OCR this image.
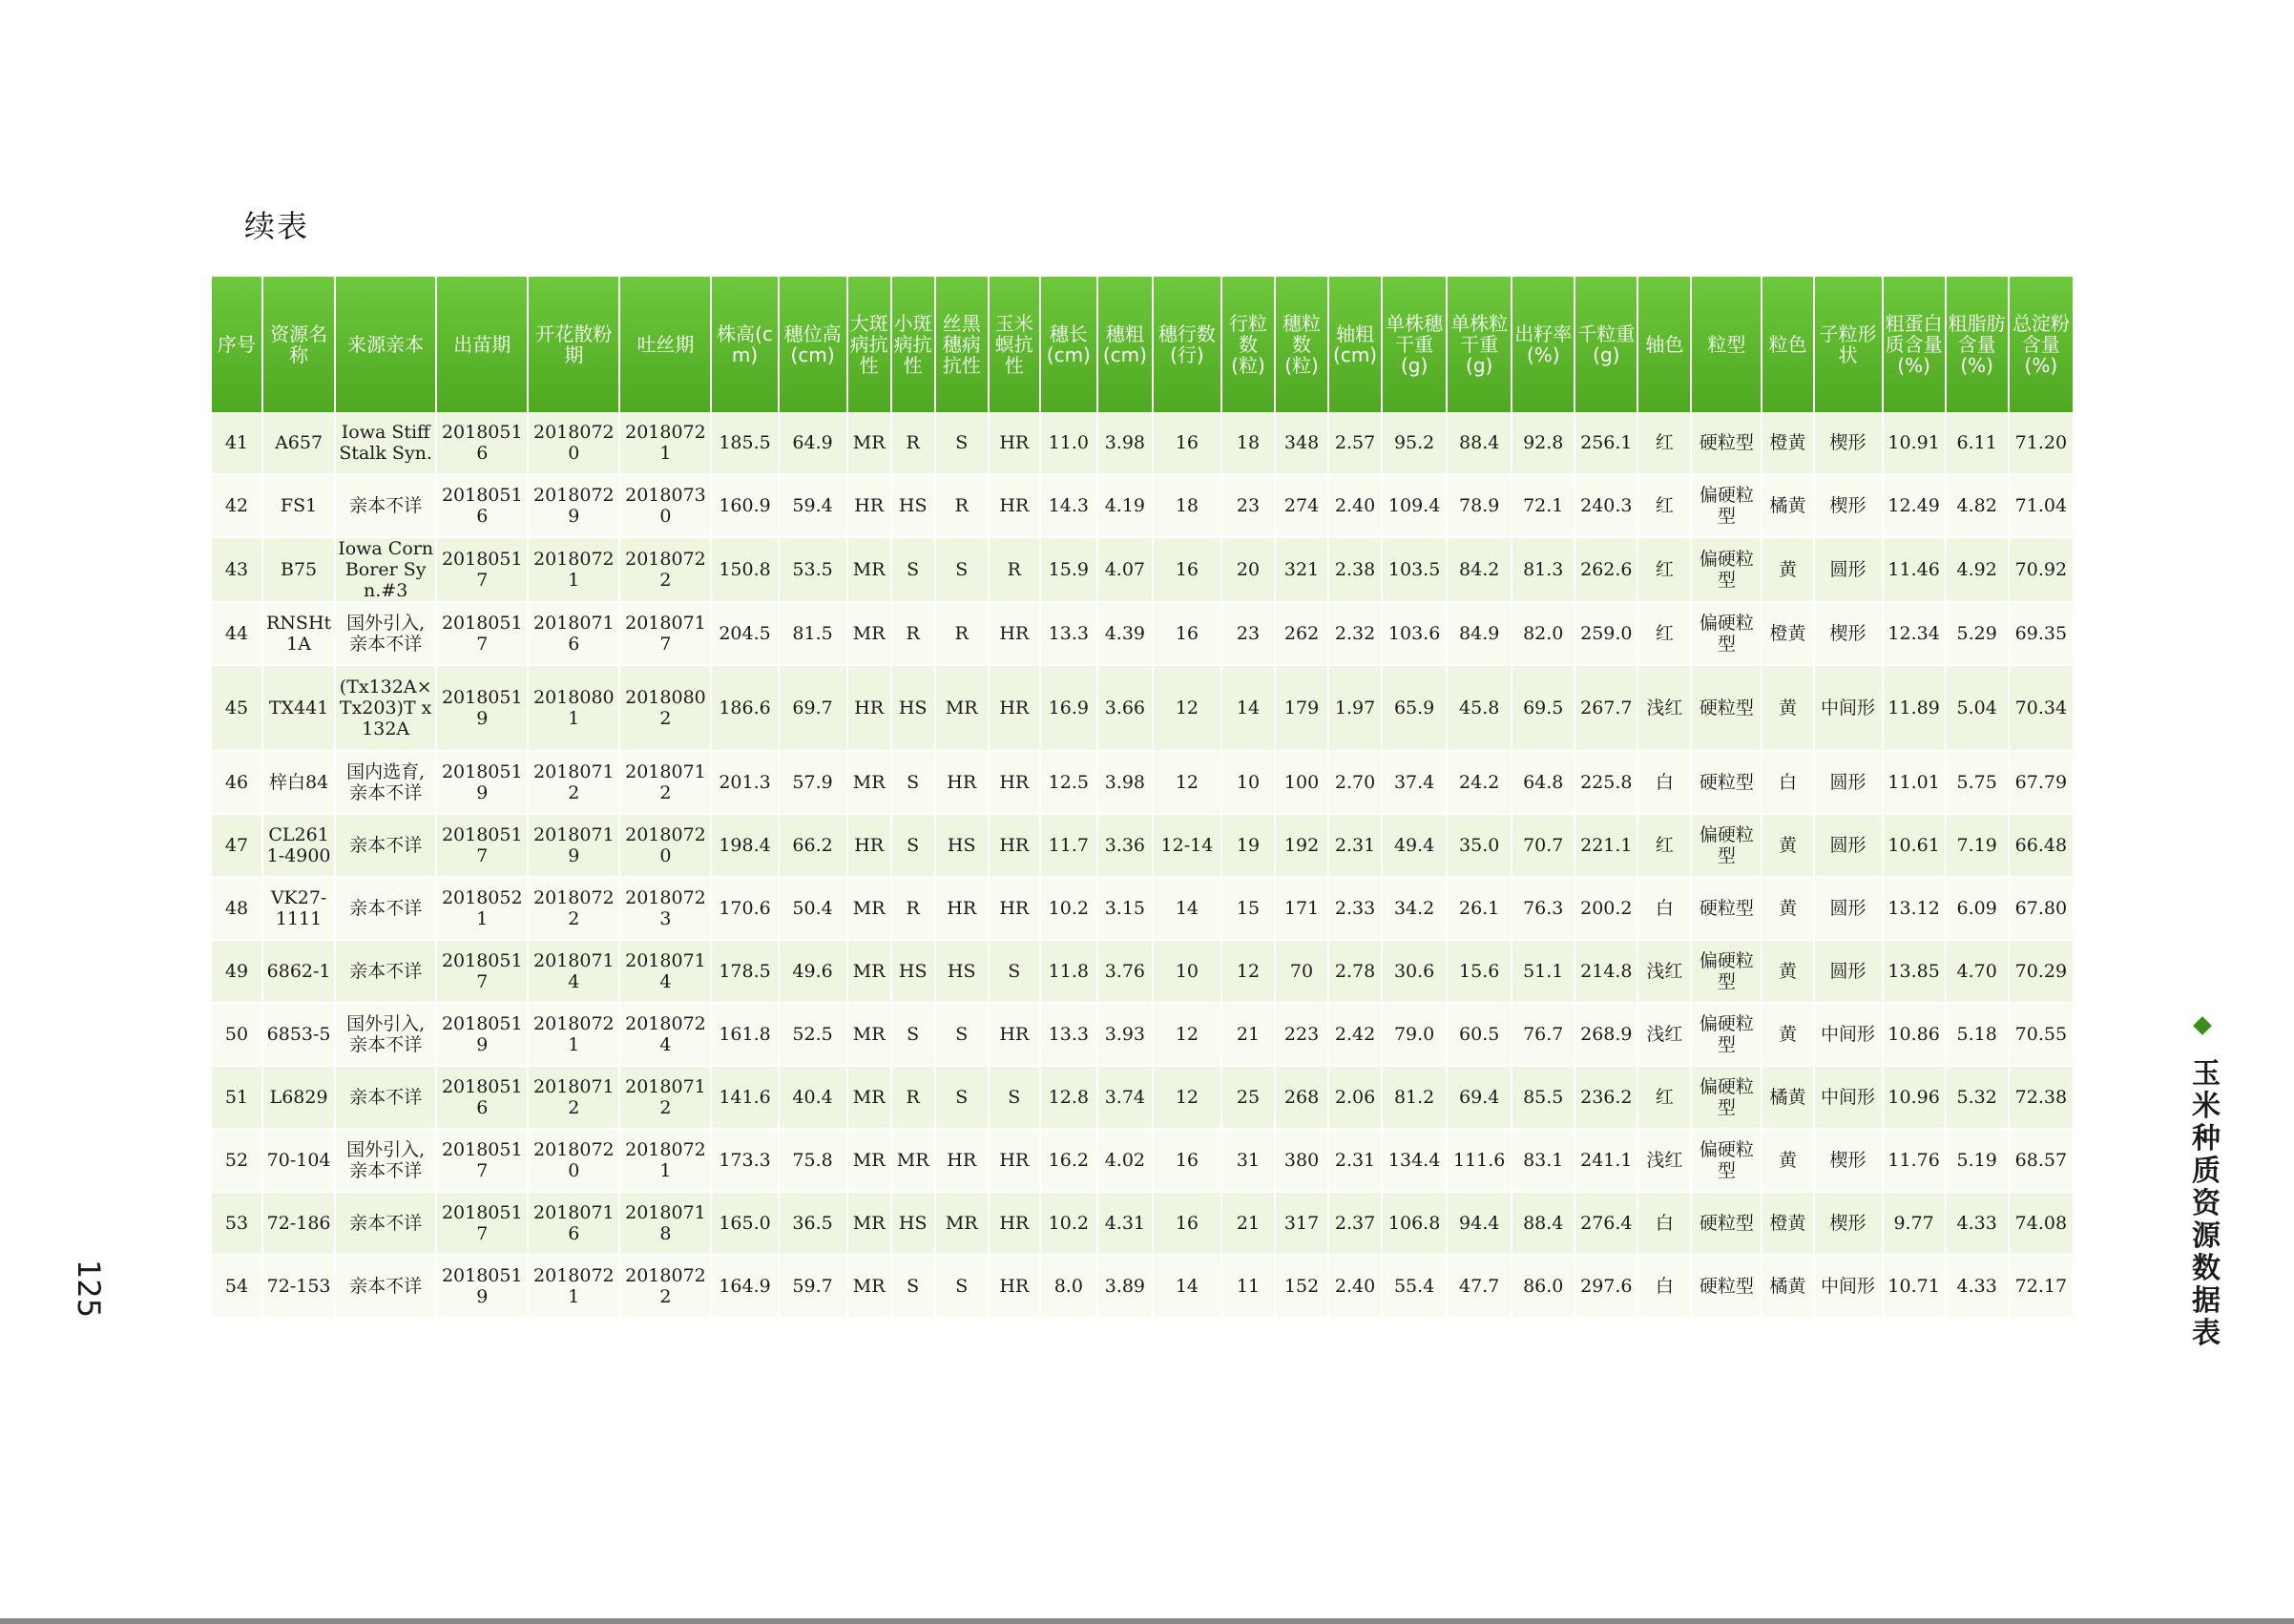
续表
序号	资源名称	来源亲本	出苗期	开花散粉期	吐丝期	株高(cm)	穗位高(cm)	大斑病抗性	小斑病抗性	丝黑穗病抗性	玉米螟抗性	穗长(cm)	穗粗(cm)	穗行数(行)	行粒数(粒)	穗粒数(粒)	轴粗(cm)	单株穗干重(g)	单株粒干重(g)	出籽率(%)	千粒重(g)	轴色	粒型	粒色	子粒形状	粗蛋白质含量(%)	粗脂肪含量(%)	总淀粉含量(%)
41	A657	Iowa Stiff Stalk Syn.	20180516	20180720	20180721	185.5	64.9	MR	R	S	HR	11.0	3.98	16	18	348	2.57	95.2	88.4	92.8	256.1	红	硬粒型	橙黄	楔形	10.91	6.11	71.20
42	FS1	亲本不详	20180516	20180729	20180730	160.9	59.4	HR	HS	R	HR	14.3	4.19	18	23	274	2.40	109.4	78.9	72.1	240.3	红	偏硬粒型	橘黄	楔形	12.49	4.82	71.04
43	B75	Iowa Corn Borer Syn.#3	20180517	20180721	20180722	150.8	53.5	MR	S	S	R	15.9	4.07	16	20	321	2.38	103.5	84.2	81.3	262.6	红	偏硬粒型	黄	圆形	11.46	4.92	70.92
44	RNSHt1A	国外引入,亲本不详	20180517	20180716	20180717	204.5	81.5	MR	R	R	HR	13.3	4.39	16	23	262	2.32	103.6	84.9	82.0	259.0	红	偏硬粒型	橙黄	楔形	12.34	5.29	69.35
45	TX441	(Tx132A×Tx203)T x132A	20180519	20180801	20180802	186.6	69.7	HR	HS	MR	HR	16.9	3.66	12	14	179	1.97	65.9	45.8	69.5	267.7	浅红	硬粒型	黄	中间形	11.89	5.04	70.34
46	梓白84	国内选育,亲本不详	20180519	20180712	20180712	201.3	57.9	MR	S	HR	HR	12.5	3.98	12	10	100	2.70	37.4	24.2	64.8	225.8	白	硬粒型	白	圆形	11.01	5.75	67.79
47	CL2611-4900	亲本不详	20180517	20180719	20180720	198.4	66.2	HR	S	HS	HR	11.7	3.36	12-14	19	192	2.31	49.4	35.0	70.7	221.1	红	偏硬粒型	黄	圆形	10.61	7.19	66.48
48	VK27-1111	亲本不详	20180521	20180722	20180723	170.6	50.4	MR	R	HR	HR	10.2	3.15	14	15	171	2.33	34.2	26.1	76.3	200.2	白	硬粒型	黄	圆形	13.12	6.09	67.80
49	6862-1	亲本不详	20180517	20180714	20180714	178.5	49.6	MR	HS	HS	S	11.8	3.76	10	12	70	2.78	30.6	15.6	51.1	214.8	浅红	偏硬粒型	黄	圆形	13.85	4.70	70.29
50	6853-5	国外引入,亲本不详	20180519	20180721	20180724	161.8	52.5	MR	S	S	HR	13.3	3.93	12	21	223	2.42	79.0	60.5	76.7	268.9	浅红	偏硬粒型	黄	中间形	10.86	5.18	70.55
51	L6829	亲本不详	20180516	20180712	20180712	141.6	40.4	MR	R	S	S	12.8	3.74	12	25	268	2.06	81.2	69.4	85.5	236.2	红	偏硬粒型	橘黄	中间形	10.96	5.32	72.38
52	70-104	国外引入,亲本不详	20180517	20180720	20180721	173.3	75.8	MR	MR	HR	HR	16.2	4.02	16	31	380	2.31	134.4	111.6	83.1	241.1	浅红	偏硬粒型	黄	楔形	11.76	5.19	68.57
53	72-186	亲本不详	20180517	20180716	20180718	165.0	36.5	MR	HS	MR	HR	10.2	4.31	16	21	317	2.37	106.8	94.4	88.4	276.4	白	硬粒型	橙黄	楔形	9.77	4.33	74.08
54	72-153	亲本不详	20180519	20180721	20180722	164.9	59.7	MR	S	S	HR	8.0	3.89	14	11	152	2.40	55.4	47.7	86.0	297.6	白	硬粒型	橘黄	中间形	10.71	4.33	72.17	玉米种质资源数据表
125
